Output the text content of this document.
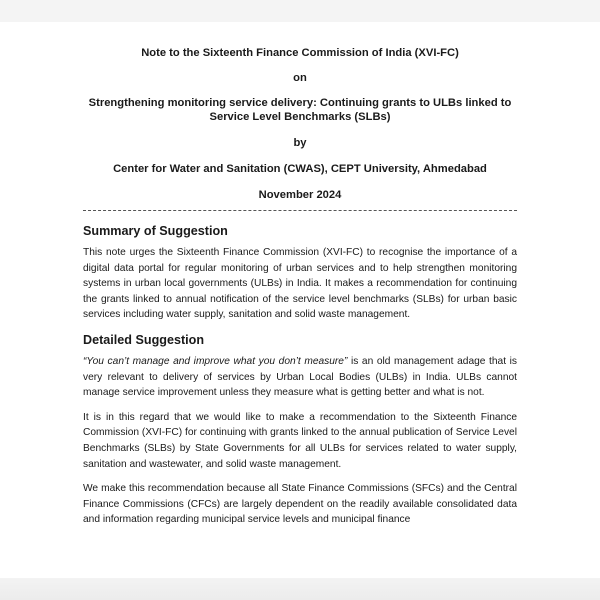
Note to the Sixteenth Finance Commission of India (XVI-FC)

on

Strengthening monitoring service delivery: Continuing grants to ULBs linked to Service Level Benchmarks (SLBs)

by

Center for Water and Sanitation (CWAS), CEPT University, Ahmedabad

November 2024

Summary of Suggestion

This note urges the Sixteenth Finance Commission (XVI-FC) to recognise the importance of a digital data portal for regular monitoring of urban services and to help strengthen monitoring systems in urban local governments (ULBs) in India. It makes a recommendation for continuing the grants linked to annual notification of the service level benchmarks (SLBs) for urban basic services including water supply, sanitation and solid waste management.

Detailed Suggestion

“You can’t manage and improve what you don’t measure” is an old management adage that is very relevant to delivery of services by Urban Local Bodies (ULBs) in India. ULBs cannot manage service improvement unless they measure what is getting better and what is not.

It is in this regard that we would like to make a recommendation to the Sixteenth Finance Commission (XVI-FC) for continuing with grants linked to the annual publication of Service Level Benchmarks (SLBs) by State Governments for all ULBs for services related to water supply, sanitation and wastewater, and solid waste management.

We make this recommendation because all State Finance Commissions (SFCs) and the Central Finance Commissions (CFCs) are largely dependent on the readily available consolidated data and information regarding municipal service levels and municipal finance
